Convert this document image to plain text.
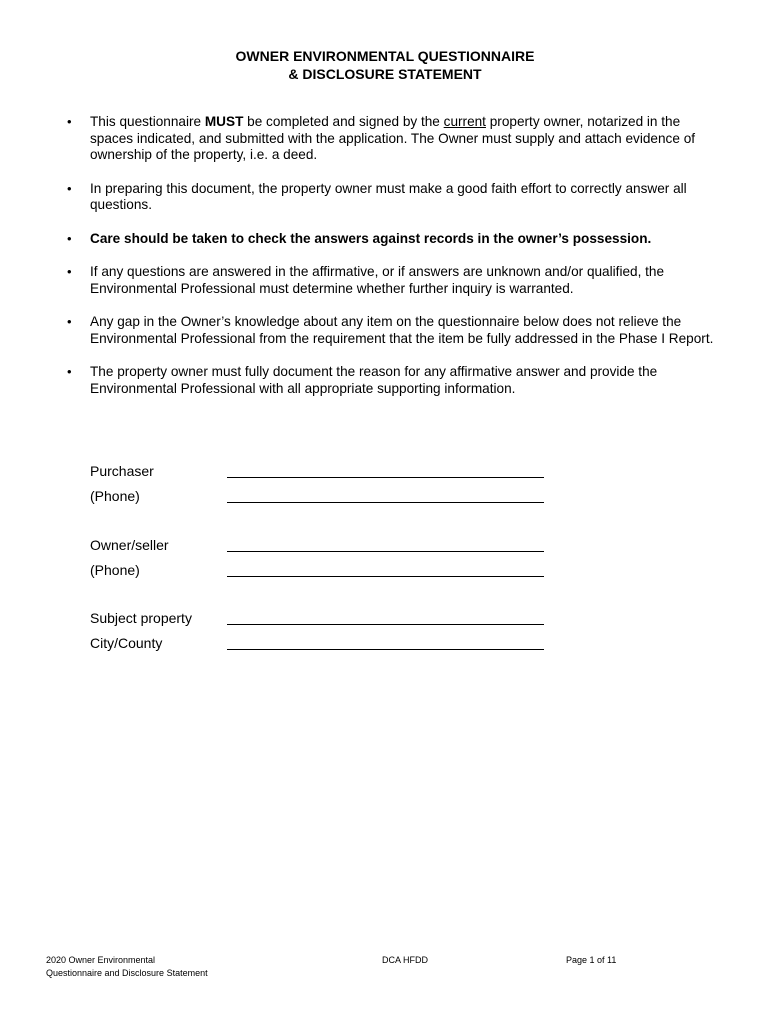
OWNER ENVIRONMENTAL QUESTIONNAIRE
& DISCLOSURE STATEMENT
• This questionnaire MUST be completed and signed by the current property owner, notarized in the spaces indicated, and submitted with the application. The Owner must supply and attach evidence of ownership of the property, i.e. a deed.
• In preparing this document, the property owner must make a good faith effort to correctly answer all questions.
• Care should be taken to check the answers against records in the owner’s possession.
• If any questions are answered in the affirmative, or if answers are unknown and/or qualified, the Environmental Professional must determine whether further inquiry is warranted.
• Any gap in the Owner’s knowledge about any item on the questionnaire below does not relieve the Environmental Professional from the requirement that the item be fully addressed in the Phase I Report.
• The property owner must fully document the reason for any affirmative answer and provide the Environmental Professional with all appropriate supporting information.
Purchaser
(Phone)
Owner/seller
(Phone)
Subject property
City/County
2020 Owner Environmental
Questionnaire and Disclosure Statement
DCA HFDD	Page 1 of 11
